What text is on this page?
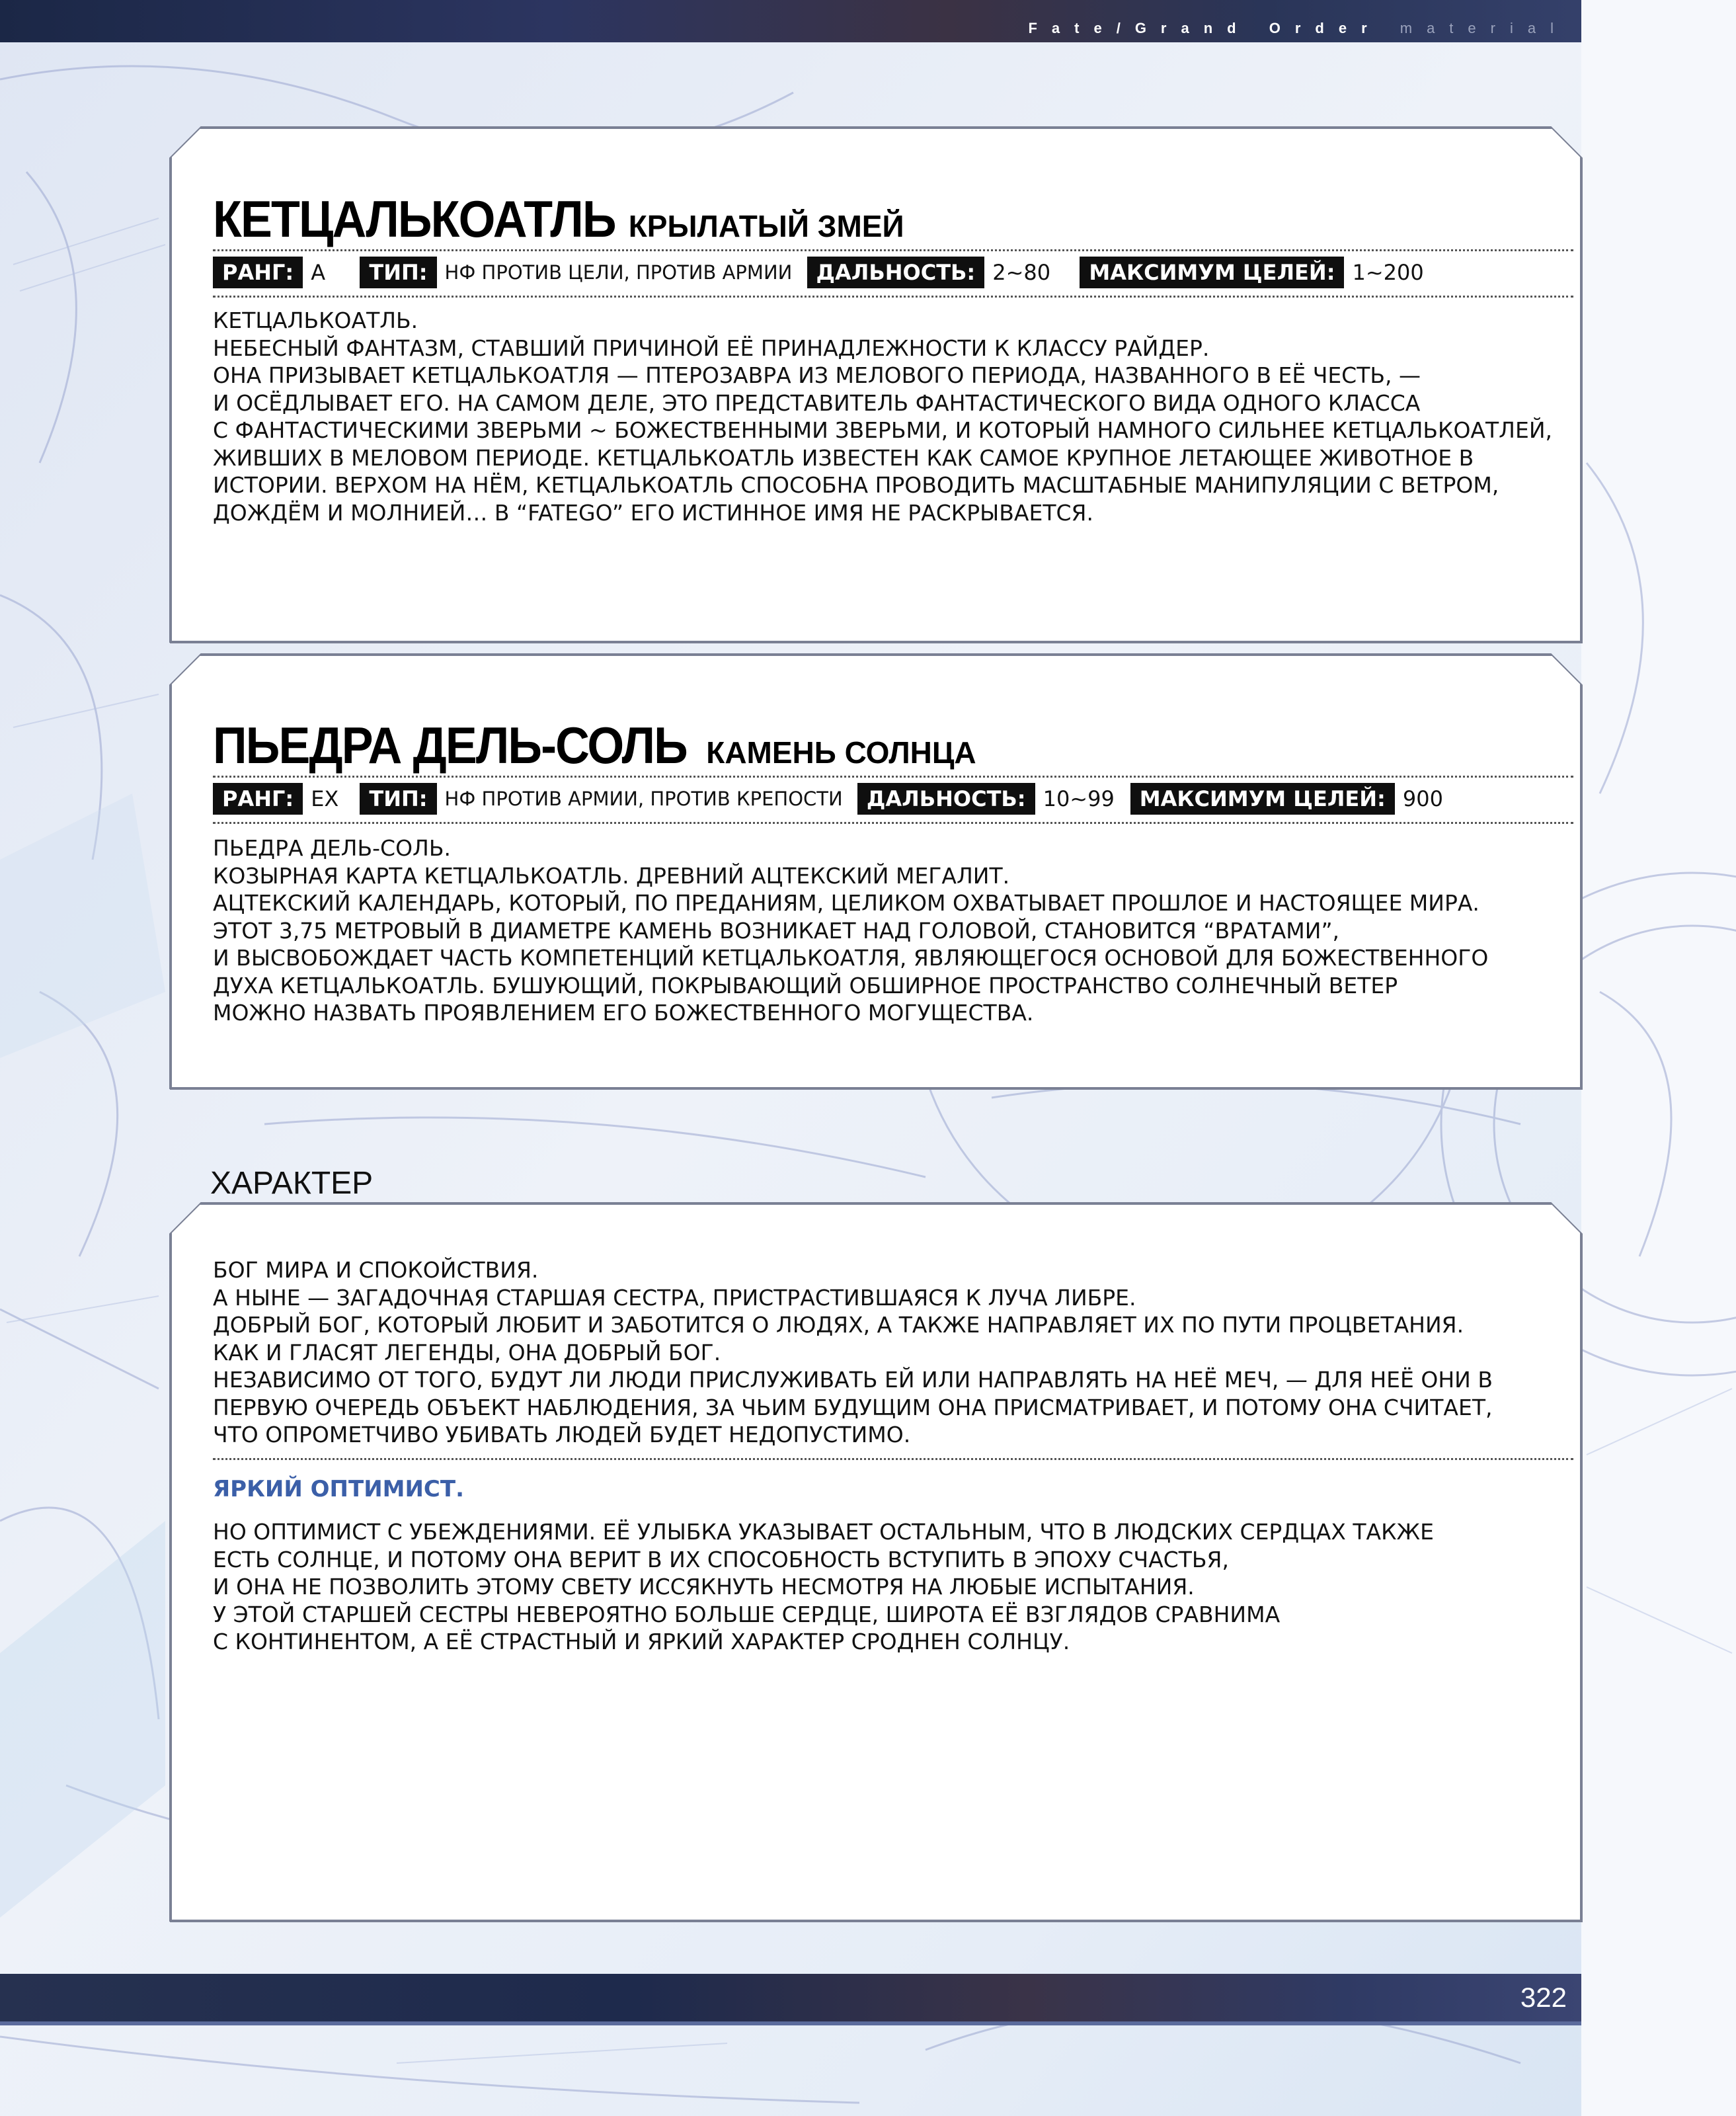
Fate/Grand Order material
КЕТЦАЛЬКОАТЛЬ КРЫЛАТЫЙ ЗМЕЙ
РАНГ: A ТИП: НФ ПРОТИВ ЦЕЛИ, ПРОТИВ АРМИИ ДАЛЬНОСТЬ: 2~80 МАКСИМУМ ЦЕЛЕЙ: 1~200
КЕТЦАЛЬКОАТЛЬ.
НЕБЕСНЫЙ ФАНТАЗМ, СТАВШИЙ ПРИЧИНОЙ ЕЁ ПРИНАДЛЕЖНОСТИ К КЛАССУ РАЙДЕР.
ОНА ПРИЗЫВАЕТ КЕТЦАЛЬКОАТЛЯ — ПТЕРОЗАВРА ИЗ МЕЛОВОГО ПЕРИОДА, НАЗВАННОГО В ЕЁ ЧЕСТЬ, —
И ОСЁДЛЫВАЕТ ЕГО. НА САМОМ ДЕЛЕ, ЭТО ПРЕДСТАВИТЕЛЬ ФАНТАСТИЧЕСКОГО ВИДА ОДНОГО КЛАССА
С ФАНТАСТИЧЕСКИМИ ЗВЕРЬМИ ~ БОЖЕСТВЕННЫМИ ЗВЕРЬМИ, И КОТОРЫЙ НАМНОГО СИЛЬНЕЕ КЕТЦАЛЬКОАТЛЕЙ,
ЖИВШИХ В МЕЛОВОМ ПЕРИОДЕ. КЕТЦАЛЬКОАТЛЬ ИЗВЕСТЕН КАК САМОЕ КРУПНОЕ ЛЕТАЮЩЕЕ ЖИВОТНОЕ В
ИСТОРИИ. ВЕРХОМ НА НЁМ, КЕТЦАЛЬКОАТЛЬ СПОСОБНА ПРОВОДИТЬ МАСШТАБНЫЕ МАНИПУЛЯЦИИ С ВЕТРОМ,
ДОЖДЁМ И МОЛНИЕЙ… В “FATEGO” ЕГО ИСТИННОЕ ИМЯ НЕ РАСКРЫВАЕТСЯ.
ПЬЕДРА ДЕЛЬ-СОЛЬ КАМЕНЬ СОЛНЦА
РАНГ: EX ТИП: НФ ПРОТИВ АРМИИ, ПРОТИВ КРЕПОСТИ ДАЛЬНОСТЬ: 10~99 МАКСИМУМ ЦЕЛЕЙ: 900
ПЬЕДРА ДЕЛЬ-СОЛЬ.
КОЗЫРНАЯ КАРТА КЕТЦАЛЬКОАТЛЬ. ДРЕВНИЙ АЦТЕКСКИЙ МЕГАЛИТ.
АЦТЕКСКИЙ КАЛЕНДАРЬ, КОТОРЫЙ, ПО ПРЕДАНИЯМ, ЦЕЛИКОМ ОХВАТЫВАЕТ ПРОШЛОЕ И НАСТОЯЩЕЕ МИРА.
ЭТОТ 3,75 МЕТРОВЫЙ В ДИАМЕТРЕ КАМЕНЬ ВОЗНИКАЕТ НАД ГОЛОВОЙ, СТАНОВИТСЯ “ВРАТАМИ”,
И ВЫСВОБОЖДАЕТ ЧАСТЬ КОМПЕТЕНЦИЙ КЕТЦАЛЬКОАТЛЯ, ЯВЛЯЮЩЕГОСЯ ОСНОВОЙ ДЛЯ БОЖЕСТВЕННОГО
ДУХА КЕТЦАЛЬКОАТЛЬ. БУШУЮЩИЙ, ПОКРЫВАЮЩИЙ ОБШИРНОЕ ПРОСТРАНСТВО СОЛНЕЧНЫЙ ВЕТЕР
МОЖНО НАЗВАТЬ ПРОЯВЛЕНИЕМ ЕГО БОЖЕСТВЕННОГО МОГУЩЕСТВА.
ХАРАКТЕР
БОГ МИРА И СПОКОЙСТВИЯ.
А НЫНЕ — ЗАГАДОЧНАЯ СТАРШАЯ СЕСТРА, ПРИСТРАСТИВШАЯСЯ К ЛУЧА ЛИБРЕ.
ДОБРЫЙ БОГ, КОТОРЫЙ ЛЮБИТ И ЗАБОТИТСЯ О ЛЮДЯХ, А ТАКЖЕ НАПРАВЛЯЕТ ИХ ПО ПУТИ ПРОЦВЕТАНИЯ.
КАК И ГЛАСЯТ ЛЕГЕНДЫ, ОНА ДОБРЫЙ БОГ.
НЕЗАВИСИМО ОТ ТОГО, БУДУТ ЛИ ЛЮДИ ПРИСЛУЖИВАТЬ ЕЙ ИЛИ НАПРАВЛЯТЬ НА НЕЁ МЕЧ, — ДЛЯ НЕЁ ОНИ В
ПЕРВУЮ ОЧЕРЕДЬ ОБЪЕКТ НАБЛЮДЕНИЯ, ЗА ЧЬИМ БУДУЩИМ ОНА ПРИСМАТРИВАЕТ, И ПОТОМУ ОНА СЧИТАЕТ,
ЧТО ОПРОМЕТЧИВО УБИВАТЬ ЛЮДЕЙ БУДЕТ НЕДОПУСТИМО.
ЯРКИЙ ОПТИМИСТ.
НО ОПТИМИСТ С УБЕЖДЕНИЯМИ. ЕЁ УЛЫБКА УКАЗЫВАЕТ ОСТАЛЬНЫМ, ЧТО В ЛЮДСКИХ СЕРДЦАХ ТАКЖЕ
ЕСТЬ СОЛНЦЕ, И ПОТОМУ ОНА ВЕРИТ В ИХ СПОСОБНОСТЬ ВСТУПИТЬ В ЭПОХУ СЧАСТЬЯ,
И ОНА НЕ ПОЗВОЛИТЬ ЭТОМУ СВЕТУ ИССЯКНУТЬ НЕСМОТРЯ НА ЛЮБЫЕ ИСПЫТАНИЯ.
У ЭТОЙ СТАРШЕЙ СЕСТРЫ НЕВЕРОЯТНО БОЛЬШЕ СЕРДЦЕ, ШИРОТА ЕЁ ВЗГЛЯДОВ СРАВНИМА
С КОНТИНЕНТОМ, А ЕЁ СТРАСТНЫЙ И ЯРКИЙ ХАРАКТЕР СРОДНЕН СОЛНЦУ.
322
